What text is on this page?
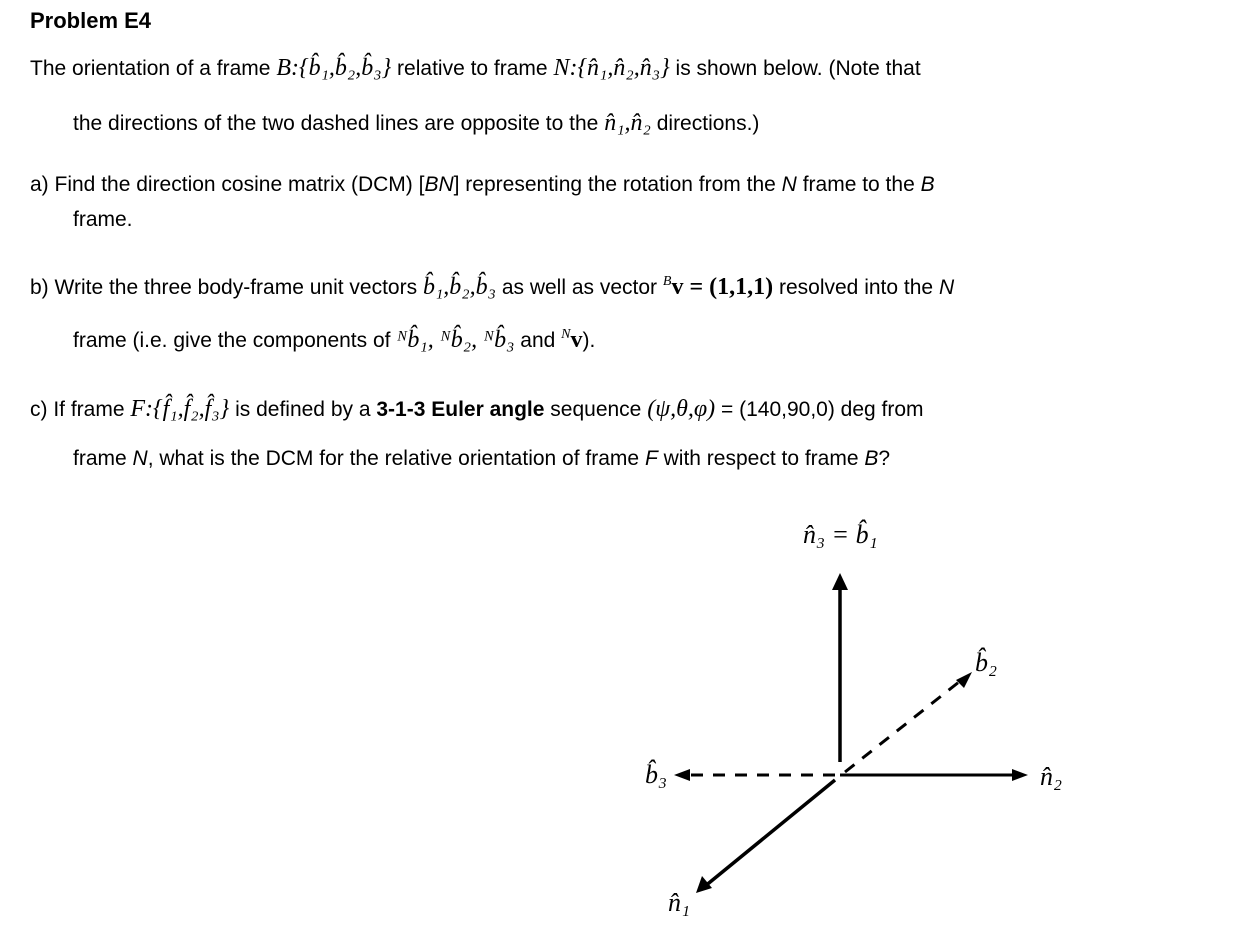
Problem E4
The orientation of a frame B:{b̂₁,b̂₂,b̂₃} relative to frame N:{n̂₁,n̂₂,n̂₃} is shown below. (Note that
the directions of the two dashed lines are opposite to the n̂₁,n̂₂ directions.)
a) Find the direction cosine matrix (DCM) [BN] representing the rotation from the N frame to the B
frame.
b) Write the three body-frame unit vectors b̂₁,b̂₂,b̂₃ as well as vector $^B$v = (1,1,1) resolved into the N
frame (i.e. give the components of ᴺb̂₁, ᴺb̂₂, ᴺb̂₃ and $^N$v).
c) If frame F:{f̂₁,f̂₂,f̂₃} is defined by a 3-1-3 Euler angle sequence (ψ,θ,φ) = (140,90,0) deg from
frame N, what is the DCM for the relative orientation of frame F with respect to frame B?
n̂₃ = b̂₁
b̂₂
b̂₃	n̂₂
n̂₁
